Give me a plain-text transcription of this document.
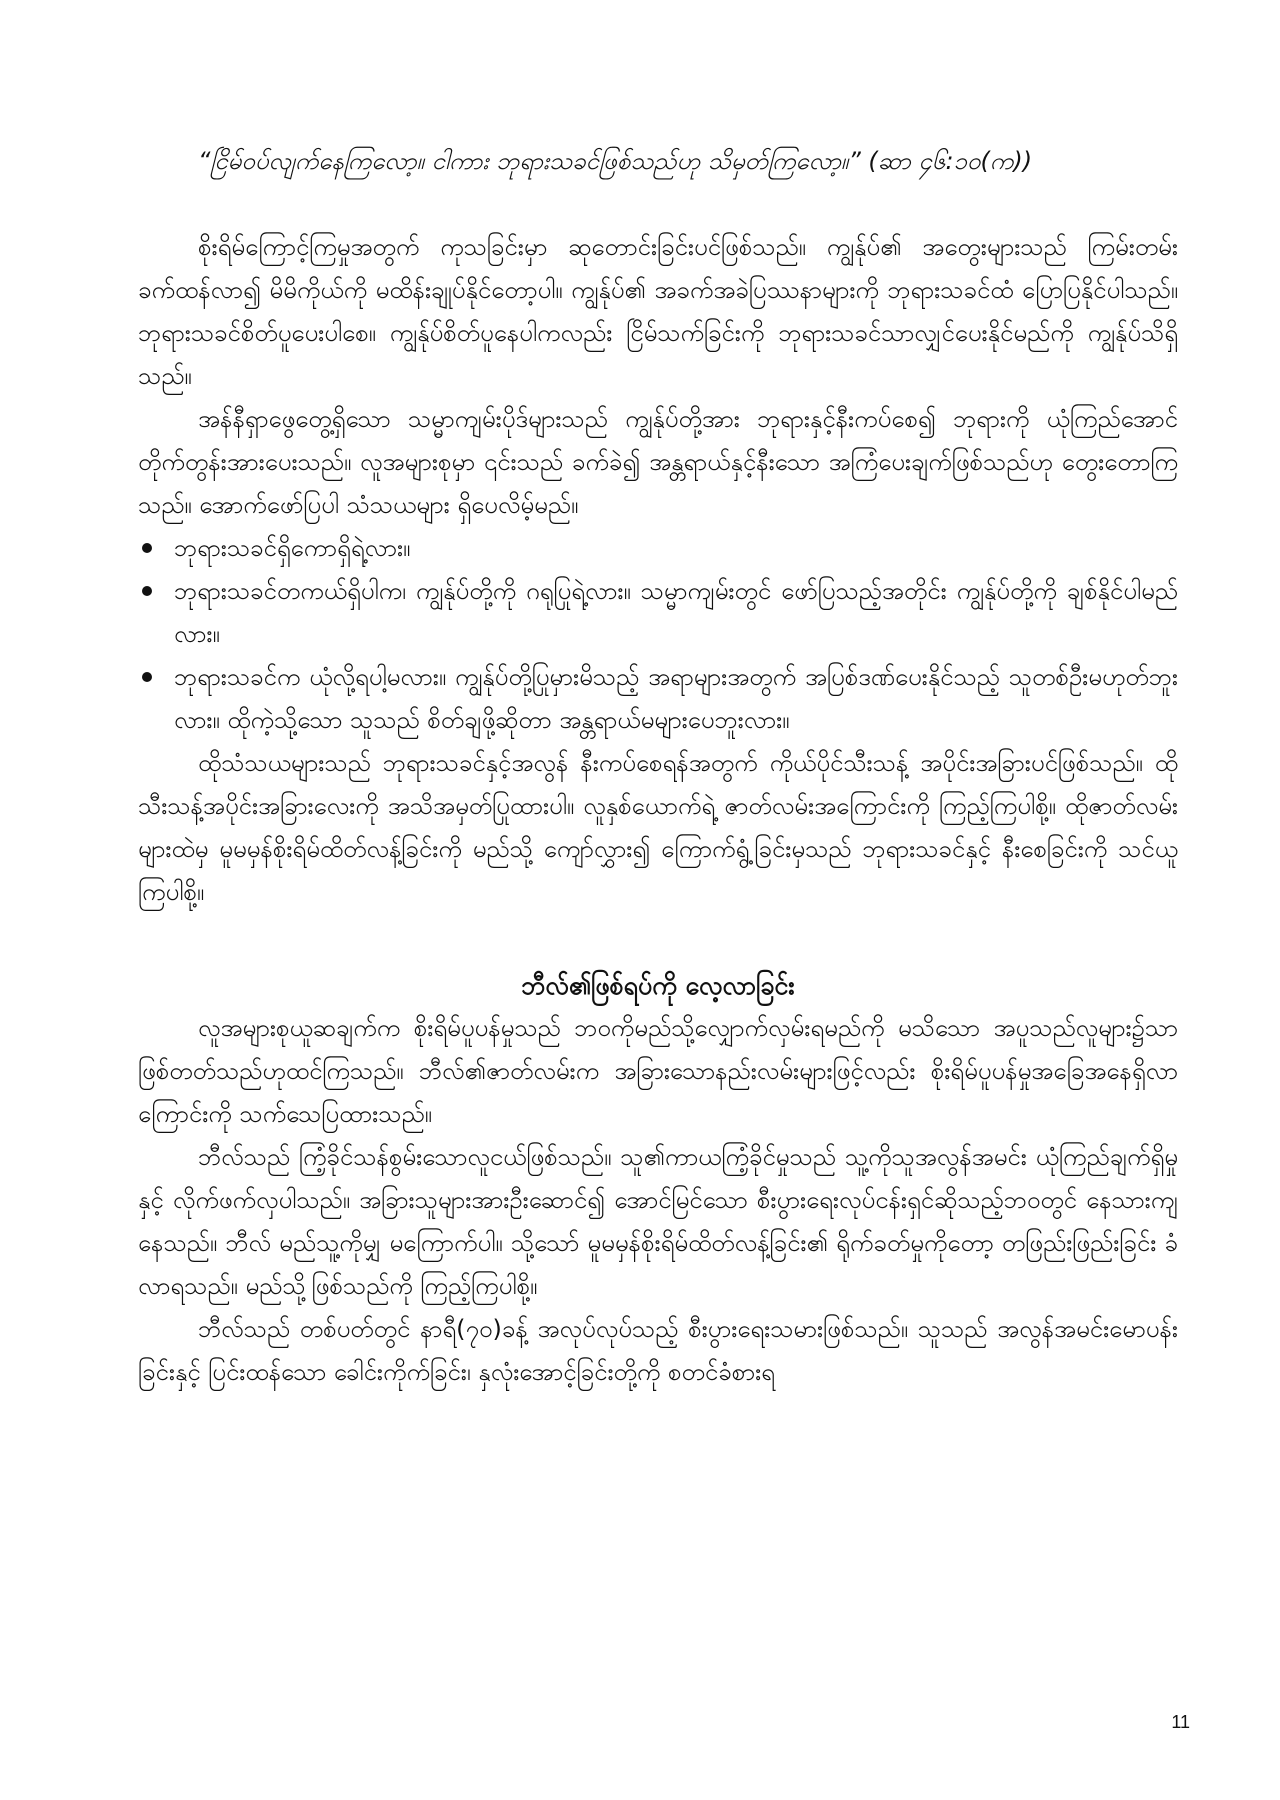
“ငြိမ်ဝပ်လျက်နေကြလော့။ ငါကား ဘုရားသခင်ဖြစ်သည်ဟု သိမှတ်ကြလော့။” (ဆာ ၄၆:၁၀(က))

စိုးရိမ်ကြောင့်ကြမှုအတွက် ကုသခြင်းမှာ ဆုတောင်းခြင်းပင်ဖြစ်သည်။ ကျွန်ုပ်၏ အတွေးများသည် ကြမ်းတမ်းခက်ထန်လာ၍ မိမိကိုယ်ကို မထိန်းချုပ်နိုင်တော့ပါ။ ကျွန်ုပ်၏ အခက်အခဲပြဿနာများကို ဘုရားသခင်ထံ ပြောပြနိုင်ပါသည်။ ဘုရားသခင်စိတ်ပူပေးပါစေ။ ကျွန်ုပ်စိတ်ပူနေပါကလည်း ငြိမ်သက်ခြင်းကို ဘုရားသခင်သာလျှင်ပေးနိုင်မည်ကို ကျွန်ုပ်သိရှိသည်။

အန်နီရှာဖွေတွေ့ရှိသော သမ္မာကျမ်းပိုဒ်များသည် ကျွန်ုပ်တို့အား ဘုရားနှင့်နီးကပ်စေ၍ ဘုရားကို ယုံကြည်အောင် တိုက်တွန်းအားပေးသည်။ လူအများစုမှာ ၎င်းသည် ခက်ခဲ၍ အန္တရာယ်နှင့်နီးသော အကြံပေးချက်ဖြစ်သည်ဟု တွေးတောကြသည်။ အောက်ဖော်ပြပါ သံသယများ ရှိပေလိမ့်မည်။

ဘုရားသခင်ရှိကောရှိရဲ့လား။
ဘုရားသခင်တကယ်ရှိပါက၊ ကျွန်ုပ်တို့ကို ဂရုပြုရဲ့လား။ သမ္မာကျမ်းတွင် ဖော်ပြသည့်အတိုင်း ကျွန်ုပ်တို့ကို ချစ်နိုင်ပါမည်လား။
ဘုရားသခင်က ယုံလို့ရပါ့မလား။ ကျွန်ုပ်တို့ပြုမှားမိသည့် အရာများအတွက် အပြစ်ဒဏ်ပေးနိုင်သည့် သူတစ်ဦးမဟုတ်ဘူးလား။ ထိုကဲ့သို့သော သူသည် စိတ်ချဖို့ဆိုတာ အန္တရာယ်မများပေဘူးလား။

ထိုသံသယများသည် ဘုရားသခင်နှင့်အလွန် နီးကပ်စေရန်အတွက် ကိုယ်ပိုင်သီးသန့် အပိုင်းအခြားပင်ဖြစ်သည်။ ထိုသီးသန့်အပိုင်းအခြားလေးကို အသိအမှတ်ပြုထားပါ။ လူနှစ်ယောက်ရဲ့ ဇာတ်လမ်းအကြောင်းကို ကြည့်ကြပါစို့။ ထိုဇာတ်လမ်းများထဲမှ မူမမှန်စိုးရိမ်ထိတ်လန့်ခြင်းကို မည်သို့ ကျော်လွှား၍ ကြောက်ရွံ့ခြင်းမှသည် ဘုရားသခင်နှင့် နီးစေခြင်းကို သင်ယူကြပါစို့။

ဘီလ်၏ဖြစ်ရပ်ကို လေ့လာခြင်း

လူအများစုယူဆချက်က စိုးရိမ်ပူပန်မှုသည် ဘဝကိုမည်သို့လျှောက်လှမ်းရမည်ကို မသိသော အပူသည်လူများ၌သာ ဖြစ်တတ်သည်ဟုထင်ကြသည်။ ဘီလ်၏ဇာတ်လမ်းက အခြားသောနည်းလမ်းများဖြင့်လည်း စိုးရိမ်ပူပန်မှုအခြေအနေရှိလာကြောင်းကို သက်သေပြထားသည်။

ဘီလ်သည် ကြံ့ခိုင်သန်စွမ်းသောလူငယ်ဖြစ်သည်။ သူ၏ကာယကြံ့ခိုင်မှုသည် သူ့ကိုသူအလွန်အမင်း ယုံကြည်ချက်ရှိမှုနှင့် လိုက်ဖက်လှပါသည်။ အခြားသူများအားဦးဆောင်၍ အောင်မြင်သော စီးပွားရေးလုပ်ငန်းရှင်ဆိုသည့်ဘဝတွင် နေသားကျနေသည်။ ဘီလ် မည်သူ့ကိုမျှ မကြောက်ပါ။ သို့သော် မူမမှန်စိုးရိမ်ထိတ်လန့်ခြင်း၏ ရိုက်ခတ်မှုကိုတော့ တဖြည်းဖြည်းခြင်း ခံလာရသည်။ မည်သို့ဖြစ်သည်ကို ကြည့်ကြပါစို့။

ဘီလ်သည် တစ်ပတ်တွင် နာရီ(၇၀)ခန့် အလုပ်လုပ်သည့် စီးပွားရေးသမားဖြစ်သည်။ သူသည် အလွန်အမင်းမောပန်းခြင်းနှင့် ပြင်းထန်သော ခေါင်းကိုက်ခြင်း၊ နှလုံးအောင့်ခြင်းတို့ကို စတင်ခံစားရ

11
